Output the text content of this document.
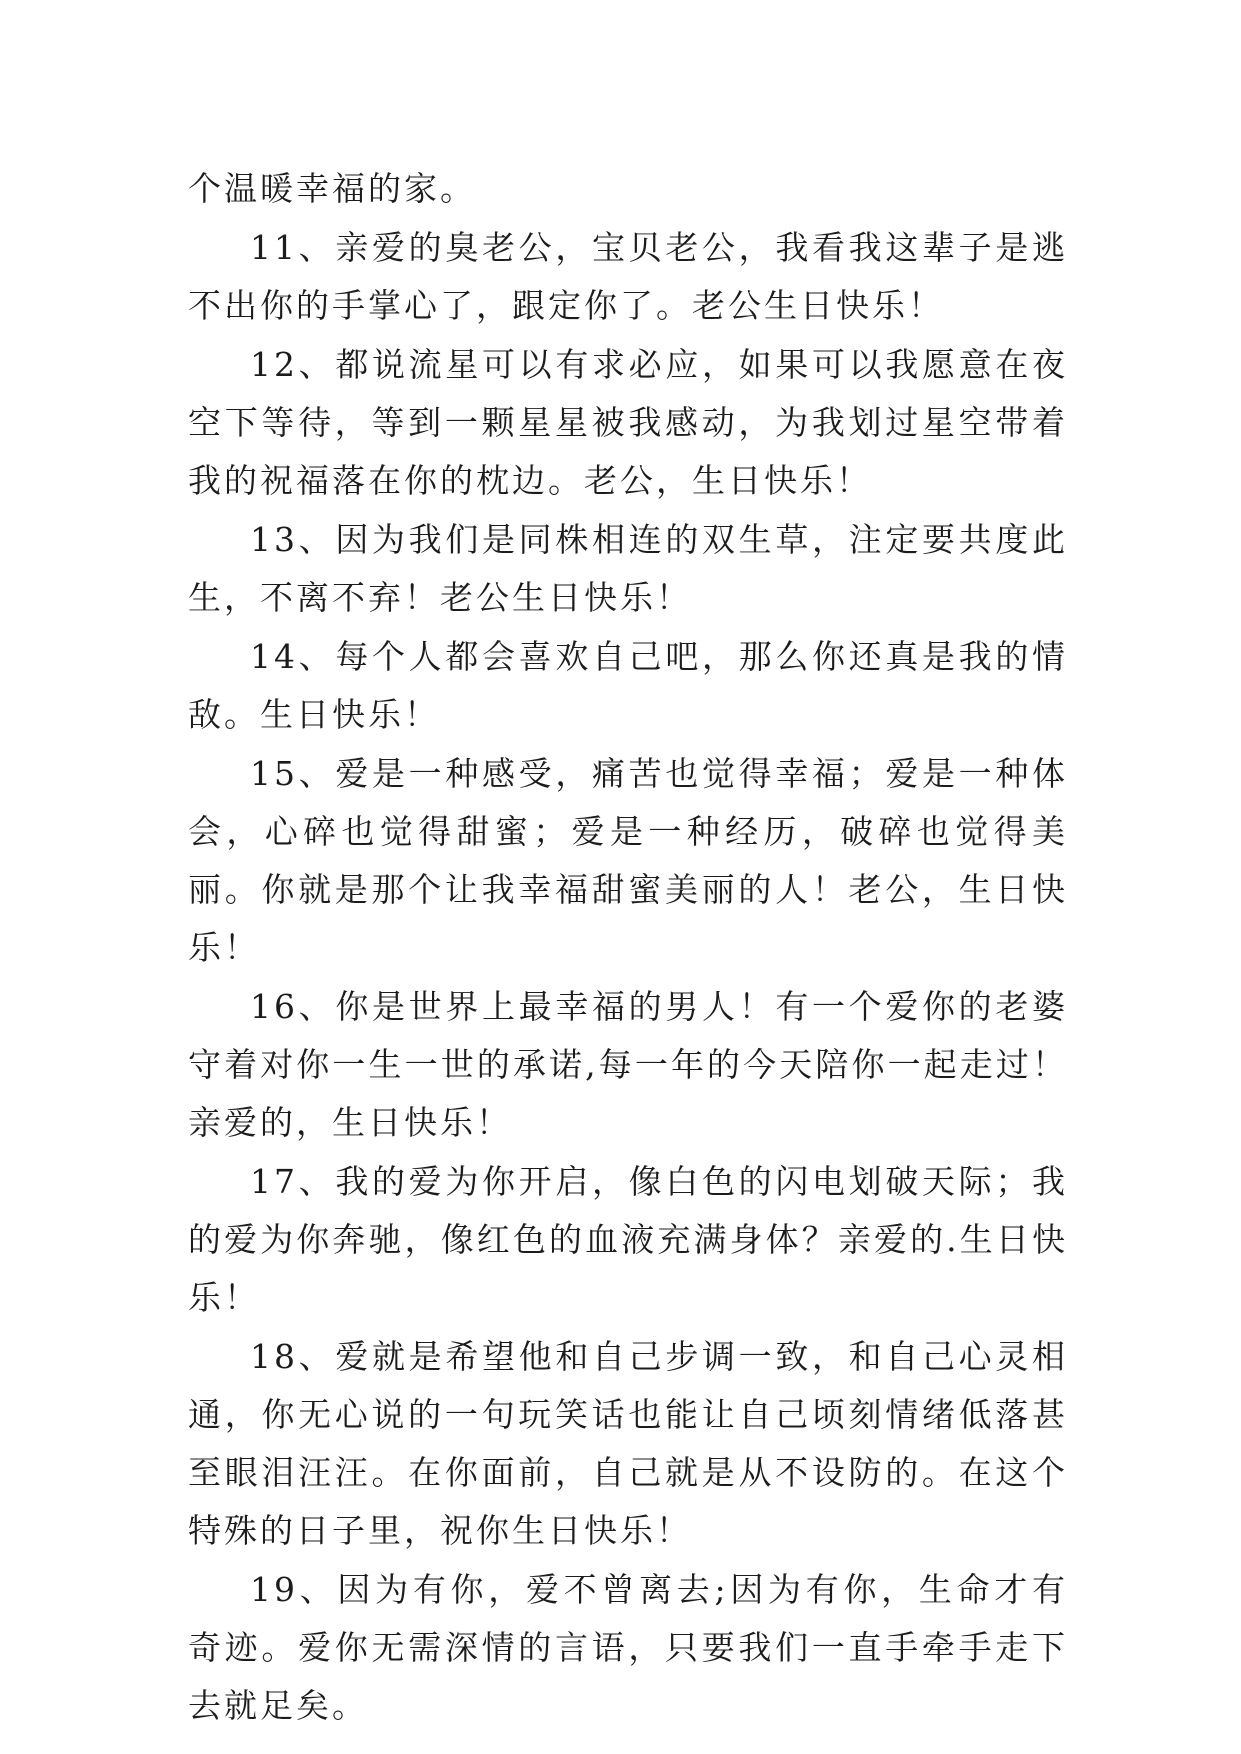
个温暖幸福的家。

11、亲爱的臭老公，宝贝老公，我看我这辈子是逃不出你的手掌心了，跟定你了。老公生日快乐！

12、都说流星可以有求必应，如果可以我愿意在夜空下等待，等到一颗星星被我感动，为我划过星空带着我的祝福落在你的枕边。老公，生日快乐！

13、因为我们是同株相连的双生草，注定要共度此生，不离不弃！老公生日快乐！

14、每个人都会喜欢自己吧，那么你还真是我的情敌。生日快乐！

15、爱是一种感受，痛苦也觉得幸福；爱是一种体会，心碎也觉得甜蜜；爱是一种经历，破碎也觉得美丽。你就是那个让我幸福甜蜜美丽的人！老公，生日快乐！

16、你是世界上最幸福的男人！有一个爱你的老婆守着对你一生一世的承诺,每一年的今天陪你一起走过！亲爱的，生日快乐！

17、我的爱为你开启，像白色的闪电划破天际；我的爱为你奔驰，像红色的血液充满身体？亲爱的.生日快乐！

18、爱就是希望他和自己步调一致，和自己心灵相通，你无心说的一句玩笑话也能让自己顷刻情绪低落甚至眼泪汪汪。在你面前，自己就是从不设防的。在这个特殊的日子里，祝你生日快乐！

19、因为有你，爱不曾离去;因为有你，生命才有奇迹。爱你无需深情的言语，只要我们一直手牵手走下去就足矣。
